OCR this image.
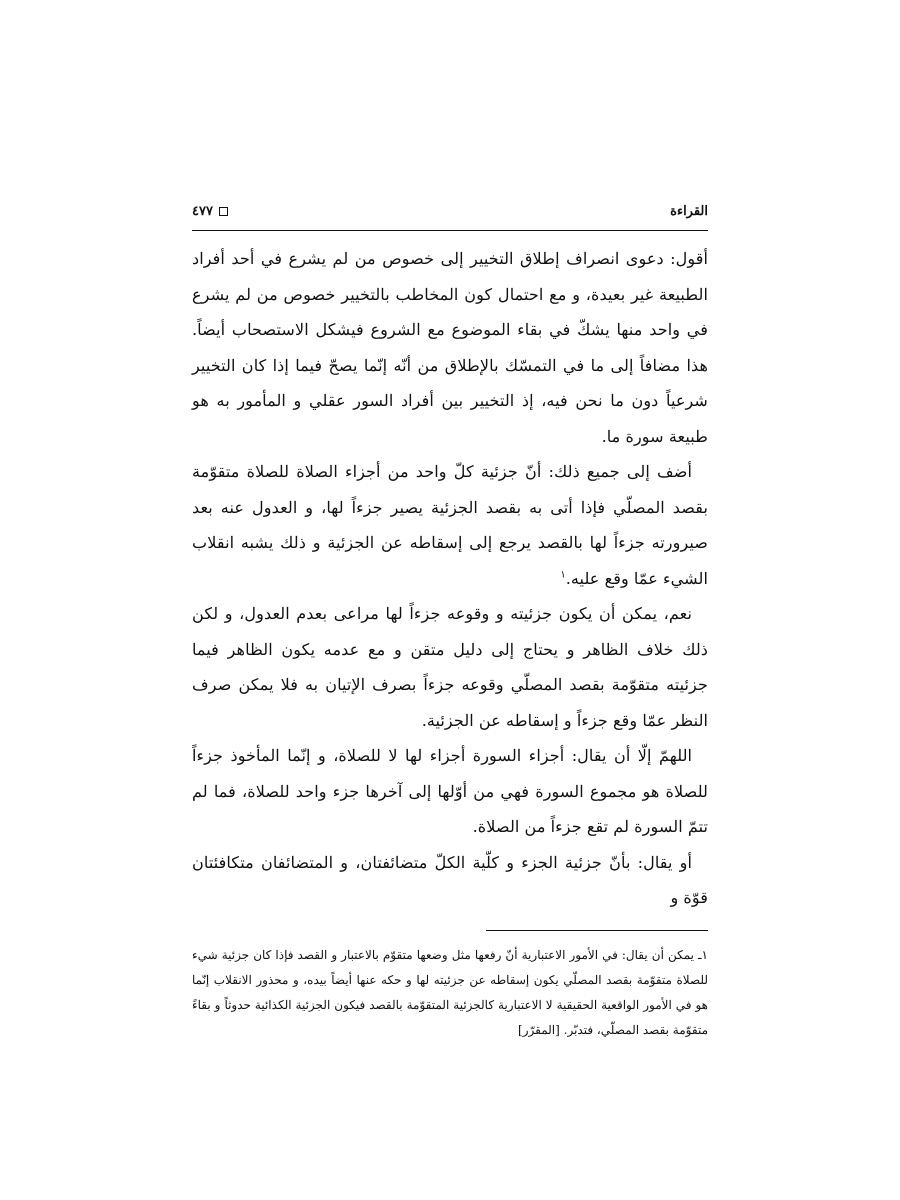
القراءة
٤٧٧

أقول: دعوى انصراف إطلاق التخيير إلى خصوص من لم يشرع في أحد أفراد الطبيعة غير بعيدة، و مع احتمال كون المخاطب بالتخيير خصوص من لم يشرع في واحد منها يشكّ في بقاء الموضوع مع الشروع فيشكل الاستصحاب أيضاً. هذا مضافاً إلى ما في التمسّك بالإطلاق من أنّه إنّما يصحّ فيما إذا كان التخيير شرعياً دون ما نحن فيه، إذ التخيير بين أفراد السور عقلي و المأمور به هو طبيعة سورة ما.

أضف إلى جميع ذلك: أنّ جزئية كلّ واحد من أجزاء الصلاة للصلاة متقوّمة بقصد المصلّي فإذا أتى به بقصد الجزئية يصير جزءاً لها، و العدول عنه بعد صيرورته جزءاً لها بالقصد يرجع إلى إسقاطه عن الجزئية و ذلك يشبه انقلاب الشيء عمّا وقع عليه.$^١$

نعم، يمكن أن يكون جزئيته و وقوعه جزءاً لها مراعى بعدم العدول، و لكن ذلك خلاف الظاهر و يحتاج إلى دليل متقن و مع عدمه يكون الظاهر فيما جزئيته متقوّمة بقصد المصلّي وقوعه جزءاً بصرف الإتيان به فلا يمكن صرف النظر عمّا وقع جزءاً و إسقاطه عن الجزئية.

اللهمّ إلّا أن يقال: أجزاء السورة أجزاء لها لا للصلاة، و إنّما المأخوذ جزءاً للصلاة هو مجموع السورة فهي من أوّلها إلى آخرها جزء واحد للصلاة، فما لم تتمّ السورة لم تقع جزءاً من الصلاة.

أو يقال: بأنّ جزئية الجزء و كلّية الكلّ متضائفتان، و المتضائفان متكافئتان قوّة و

١ـ يمكن أن يقال: في الأمور الاعتبارية أنّ رفعها مثل وضعها متقوّم بالاعتبار و القصد فإذا كان جزئية شيء للصلاة متقوّمة بقصد المصلّي يكون إسقاطه عن جزئيته لها و حكه عنها أيضاً بيده، و محذور الانقلاب إنّما هو في الأمور الواقعية الحقيقية لا الاعتبارية كالجزئية المتقوّمة بالقصد فيكون الجزئية الكذائية حدوثاً و بقاءً متقوّمة بقصد المصلّي، فتدبّر. [المقرّر]
